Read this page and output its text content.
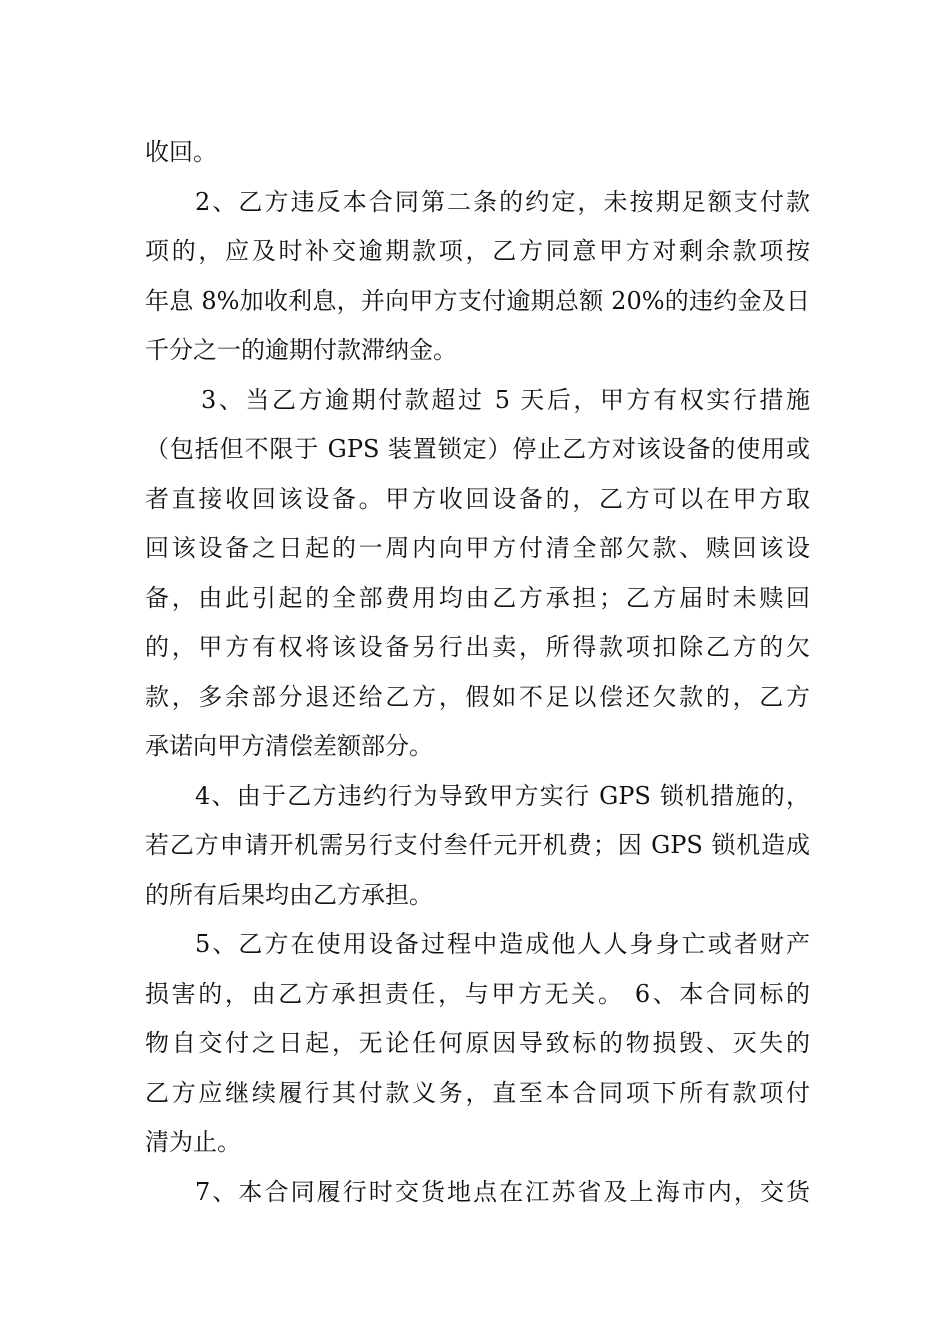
收回。
2、乙方违反本合同第二条的约定，未按期足额支付款
项的，应及时补交逾期款项，乙方同意甲方对剩余款项按
年息 8%加收利息，并向甲方支付逾期总额 20%的违约金及日
千分之一的逾期付款滞纳金。
3、当乙方逾期付款超过 5 天后，甲方有权实行措施
（包括但不限于 GPS 装置锁定）停止乙方对该设备的使用或
者直接收回该设备。甲方收回设备的，乙方可以在甲方取
回该设备之日起的一周内向甲方付清全部欠款、赎回该设
备，由此引起的全部费用均由乙方承担；乙方届时未赎回
的，甲方有权将该设备另行出卖，所得款项扣除乙方的欠
款，多余部分退还给乙方，假如不足以偿还欠款的，乙方
承诺向甲方清偿差额部分。
4、由于乙方违约行为导致甲方实行 GPS 锁机措施的，
若乙方申请开机需另行支付叁仟元开机费；因 GPS 锁机造成
的所有后果均由乙方承担。
5、乙方在使用设备过程中造成他人人身身亡或者财产
损害的，由乙方承担责任，与甲方无关。 6、本合同标的
物自交付之日起，无论任何原因导致标的物损毁、灭失的
乙方应继续履行其付款义务，直至本合同项下所有款项付
清为止。
7、本合同履行时交货地点在江苏省及上海市内，交货
